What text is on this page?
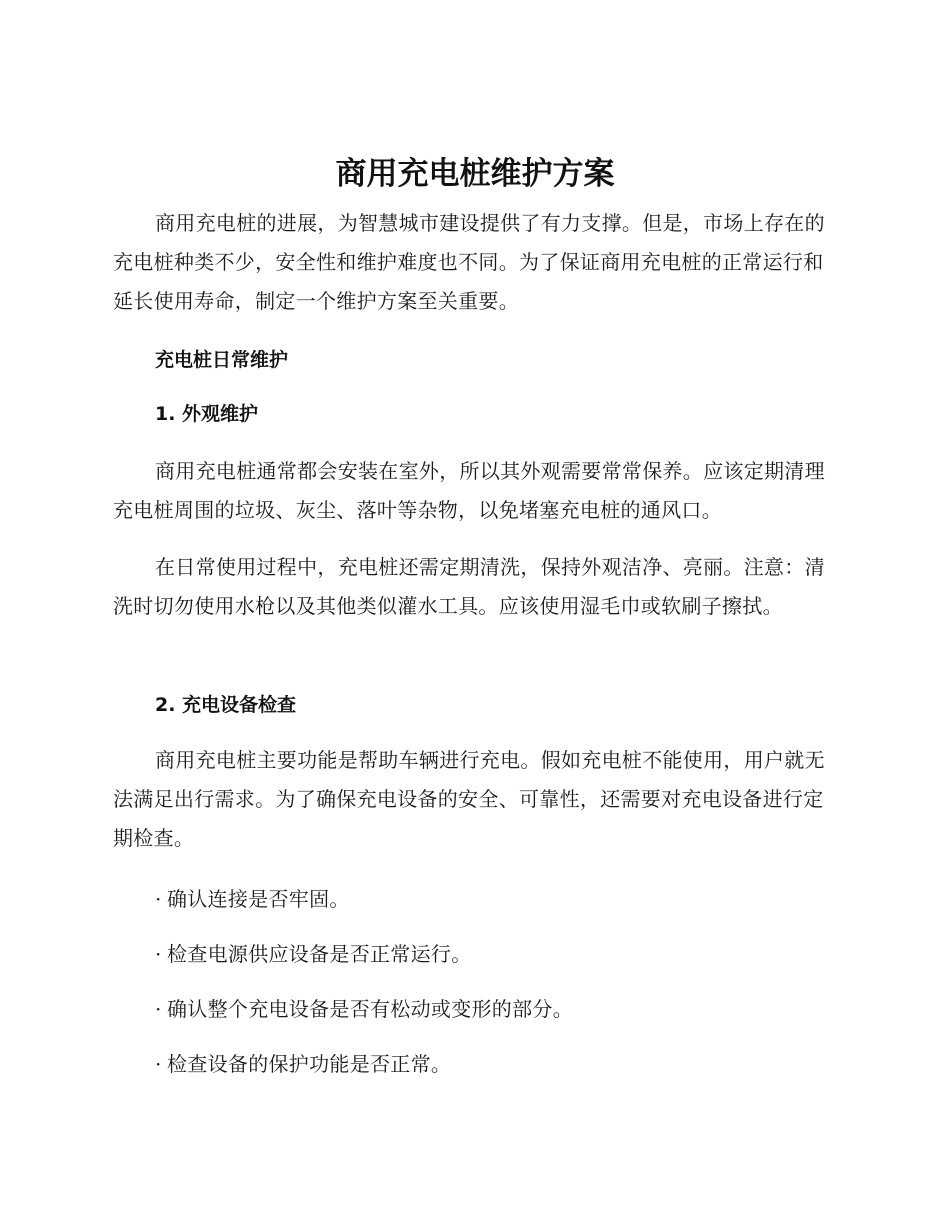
商用充电桩维护方案

商用充电桩的进展，为智慧城市建设提供了有力支撑。但是，市场上存在的充电桩种类不少，安全性和维护难度也不同。为了保证商用充电桩的正常运行和延长使用寿命，制定一个维护方案至关重要。

充电桩日常维护
1. 外观维护

商用充电桩通常都会安装在室外，所以其外观需要常常保养。应该定期清理充电桩周围的垃圾、灰尘、落叶等杂物，以免堵塞充电桩的通风口。

在日常使用过程中，充电桩还需定期清洗，保持外观洁净、亮丽。注意：清洗时切勿使用水枪以及其他类似灌水工具。应该使用湿毛巾或软刷子擦拭。

2. 充电设备检查

商用充电桩主要功能是帮助车辆进行充电。假如充电桩不能使用，用户就无法满足出行需求。为了确保充电设备的安全、可靠性，还需要对充电设备进行定期检查。

· 确认连接是否牢固。

· 检查电源供应设备是否正常运行。

· 确认整个充电设备是否有松动或变形的部分。

· 检查设备的保护功能是否正常。
